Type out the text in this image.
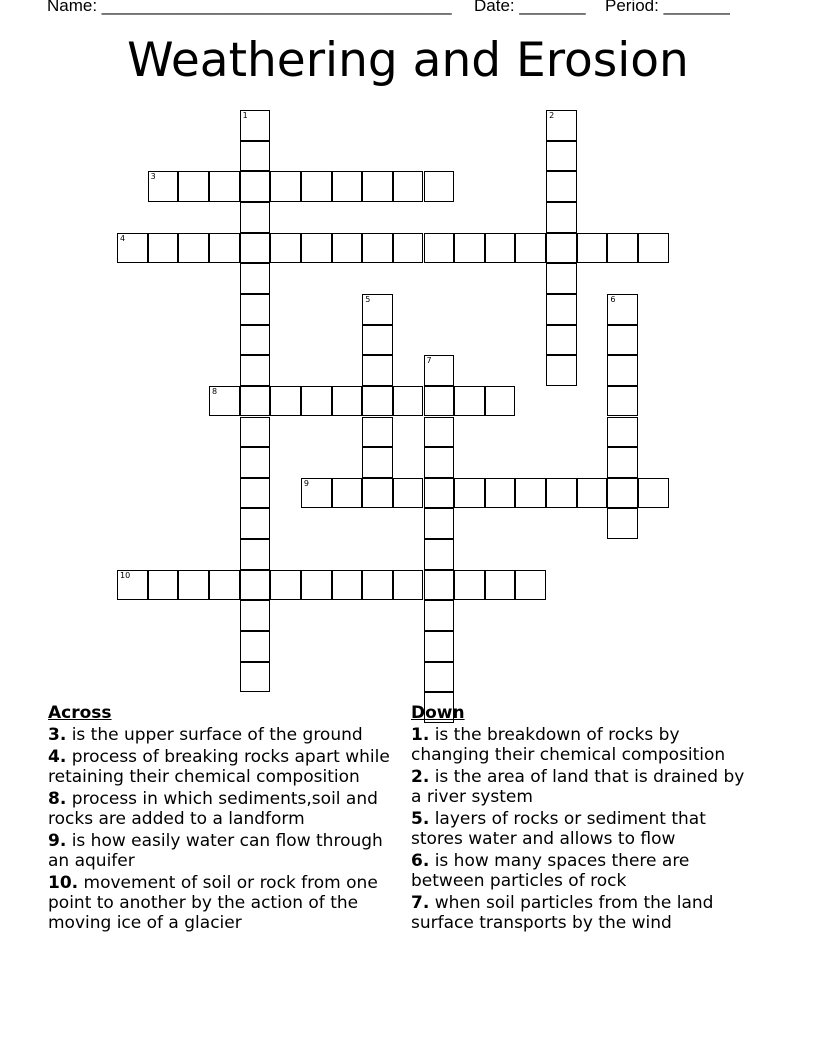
Name: _____________________________________ Date: _______ Period: _______
Weathering and Erosion
1	2
3
4
5	6
7
8
9
10
Across
3. is the upper surface of the ground
4. process of breaking rocks apart while retaining their chemical composition
8. process in which sediments,soil and rocks are added to a landform
9. is how easily water can flow through an aquifer
10. movement of soil or rock from one point to another by the action of the moving ice of a glacier
Down
1. is the breakdown of rocks by changing their chemical composition
2. is the area of land that is drained by a river system
5. layers of rocks or sediment that stores water and allows to flow
6. is how many spaces there are between particles of rock
7. when soil particles from the land surface transports by the wind
